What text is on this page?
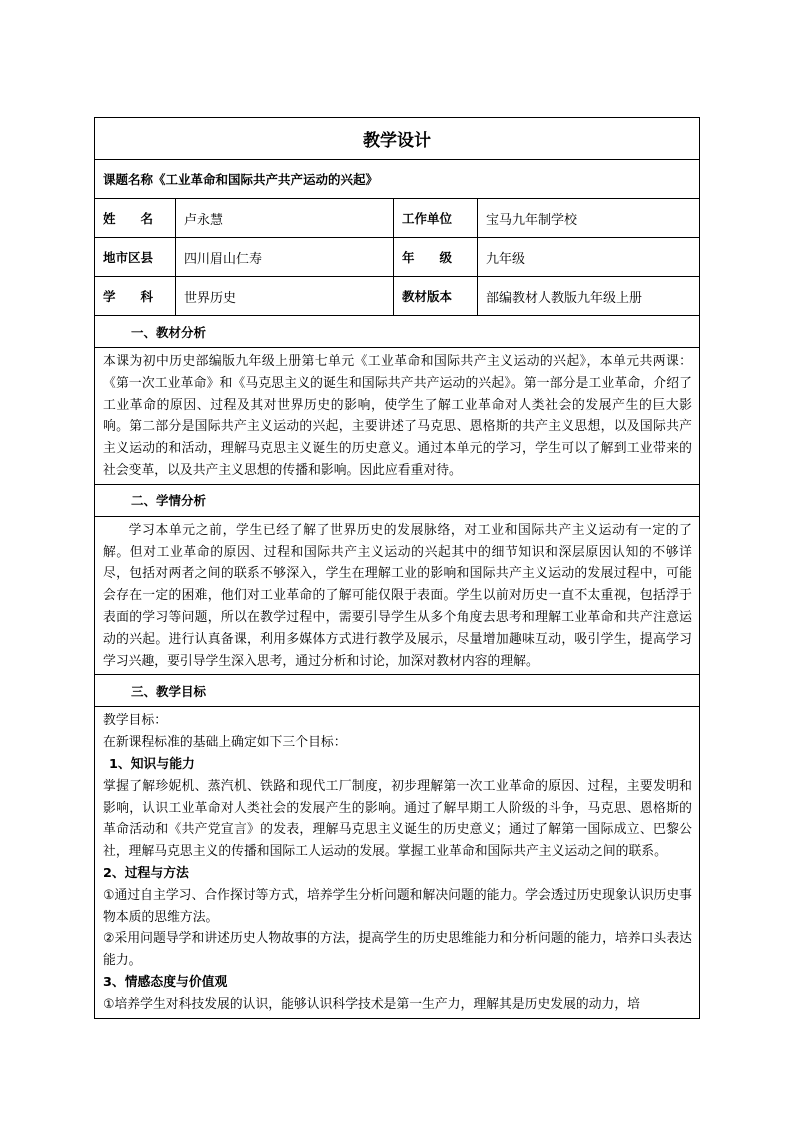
教学设计
课题名称 《工业革命和国际共产共产运动的兴起》
姓　　名	卢永慧	工作单位	宝马九年制学校
地市区县	四川眉山仁寿	年　　级	九年级
学　　科	世界历史	教材版本	部编教材人教版九年级上册
一、教材分析

本课为初中历史部编版九年级上册第七单元《工业革命和国际共产主义运动的兴起》，本单元共两课：《第一次工业革命》和《马克思主义的诞生和国际共产共产运动的兴起》。第一部分是工业革命，介绍了工业革命的原因、过程及其对世界历史的影响，使学生了解工业革命对人类社会的发展产生的巨大影响。第二部分是国际共产主义运动的兴起，主要讲述了马克思、恩格斯的共产主义思想，以及国际共产主义运动的和活动，理解马克思主义诞生的历史意义。通过本单元的学习，学生可以了解到工业带来的社会变革，以及共产主义思想的传播和影响。因此应看重对待。

二、学情分析

学习本单元之前，学生已经了解了世界历史的发展脉络，对工业和国际共产主义运动有一定的了解。但对工业革命的原因、过程和国际共产主义运动的兴起其中的细节知识和深层原因认知的不够详尽，包括对两者之间的联系不够深入，学生在理解工业的影响和国际共产主义运动的发展过程中，可能会存在一定的困难，他们对工业革命的了解可能仅限于表面。学生以前对历史一直不太重视，包括浮于表面的学习等问题，所以在教学过程中，需要引导学生从多个角度去思考和理解工业革命和共产注意运动的兴起。进行认真备课，利用多媒体方式进行教学及展示，尽量增加趣味互动，吸引学生，提高学习学习兴趣，要引导学生深入思考，通过分析和讨论，加深对教材内容的理解。

三、教学目标

教学目标：

在新课程标准的基础上确定如下三个目标：

1、知识与能力

掌握了解珍妮机、蒸汽机、铁路和现代工厂制度，初步理解第一次工业革命的原因、过程，主要发明和影响，认识工业革命对人类社会的发展产生的影响。通过了解早期工人阶级的斗争，马克思、恩格斯的革命活动和《共产党宣言》的发表，理解马克思主义诞生的历史意义；通过了解第一国际成立、巴黎公社，理解马克思主义的传播和国际工人运动的发展。掌握工业革命和国际共产主义运动之间的联系。

2、过程与方法

①通过自主学习、合作探讨等方式，培养学生分析问题和解决问题的能力。学会透过历史现象认识历史事物本质的思维方法。

②采用问题导学和讲述历史人物故事的方法，提高学生的历史思维能力和分析问题的能力，培养口头表达能力。

3、情感态度与价值观

①培养学生对科技发展的认识，能够认识科学技术是第一生产力，理解其是历史发展的动力，培
